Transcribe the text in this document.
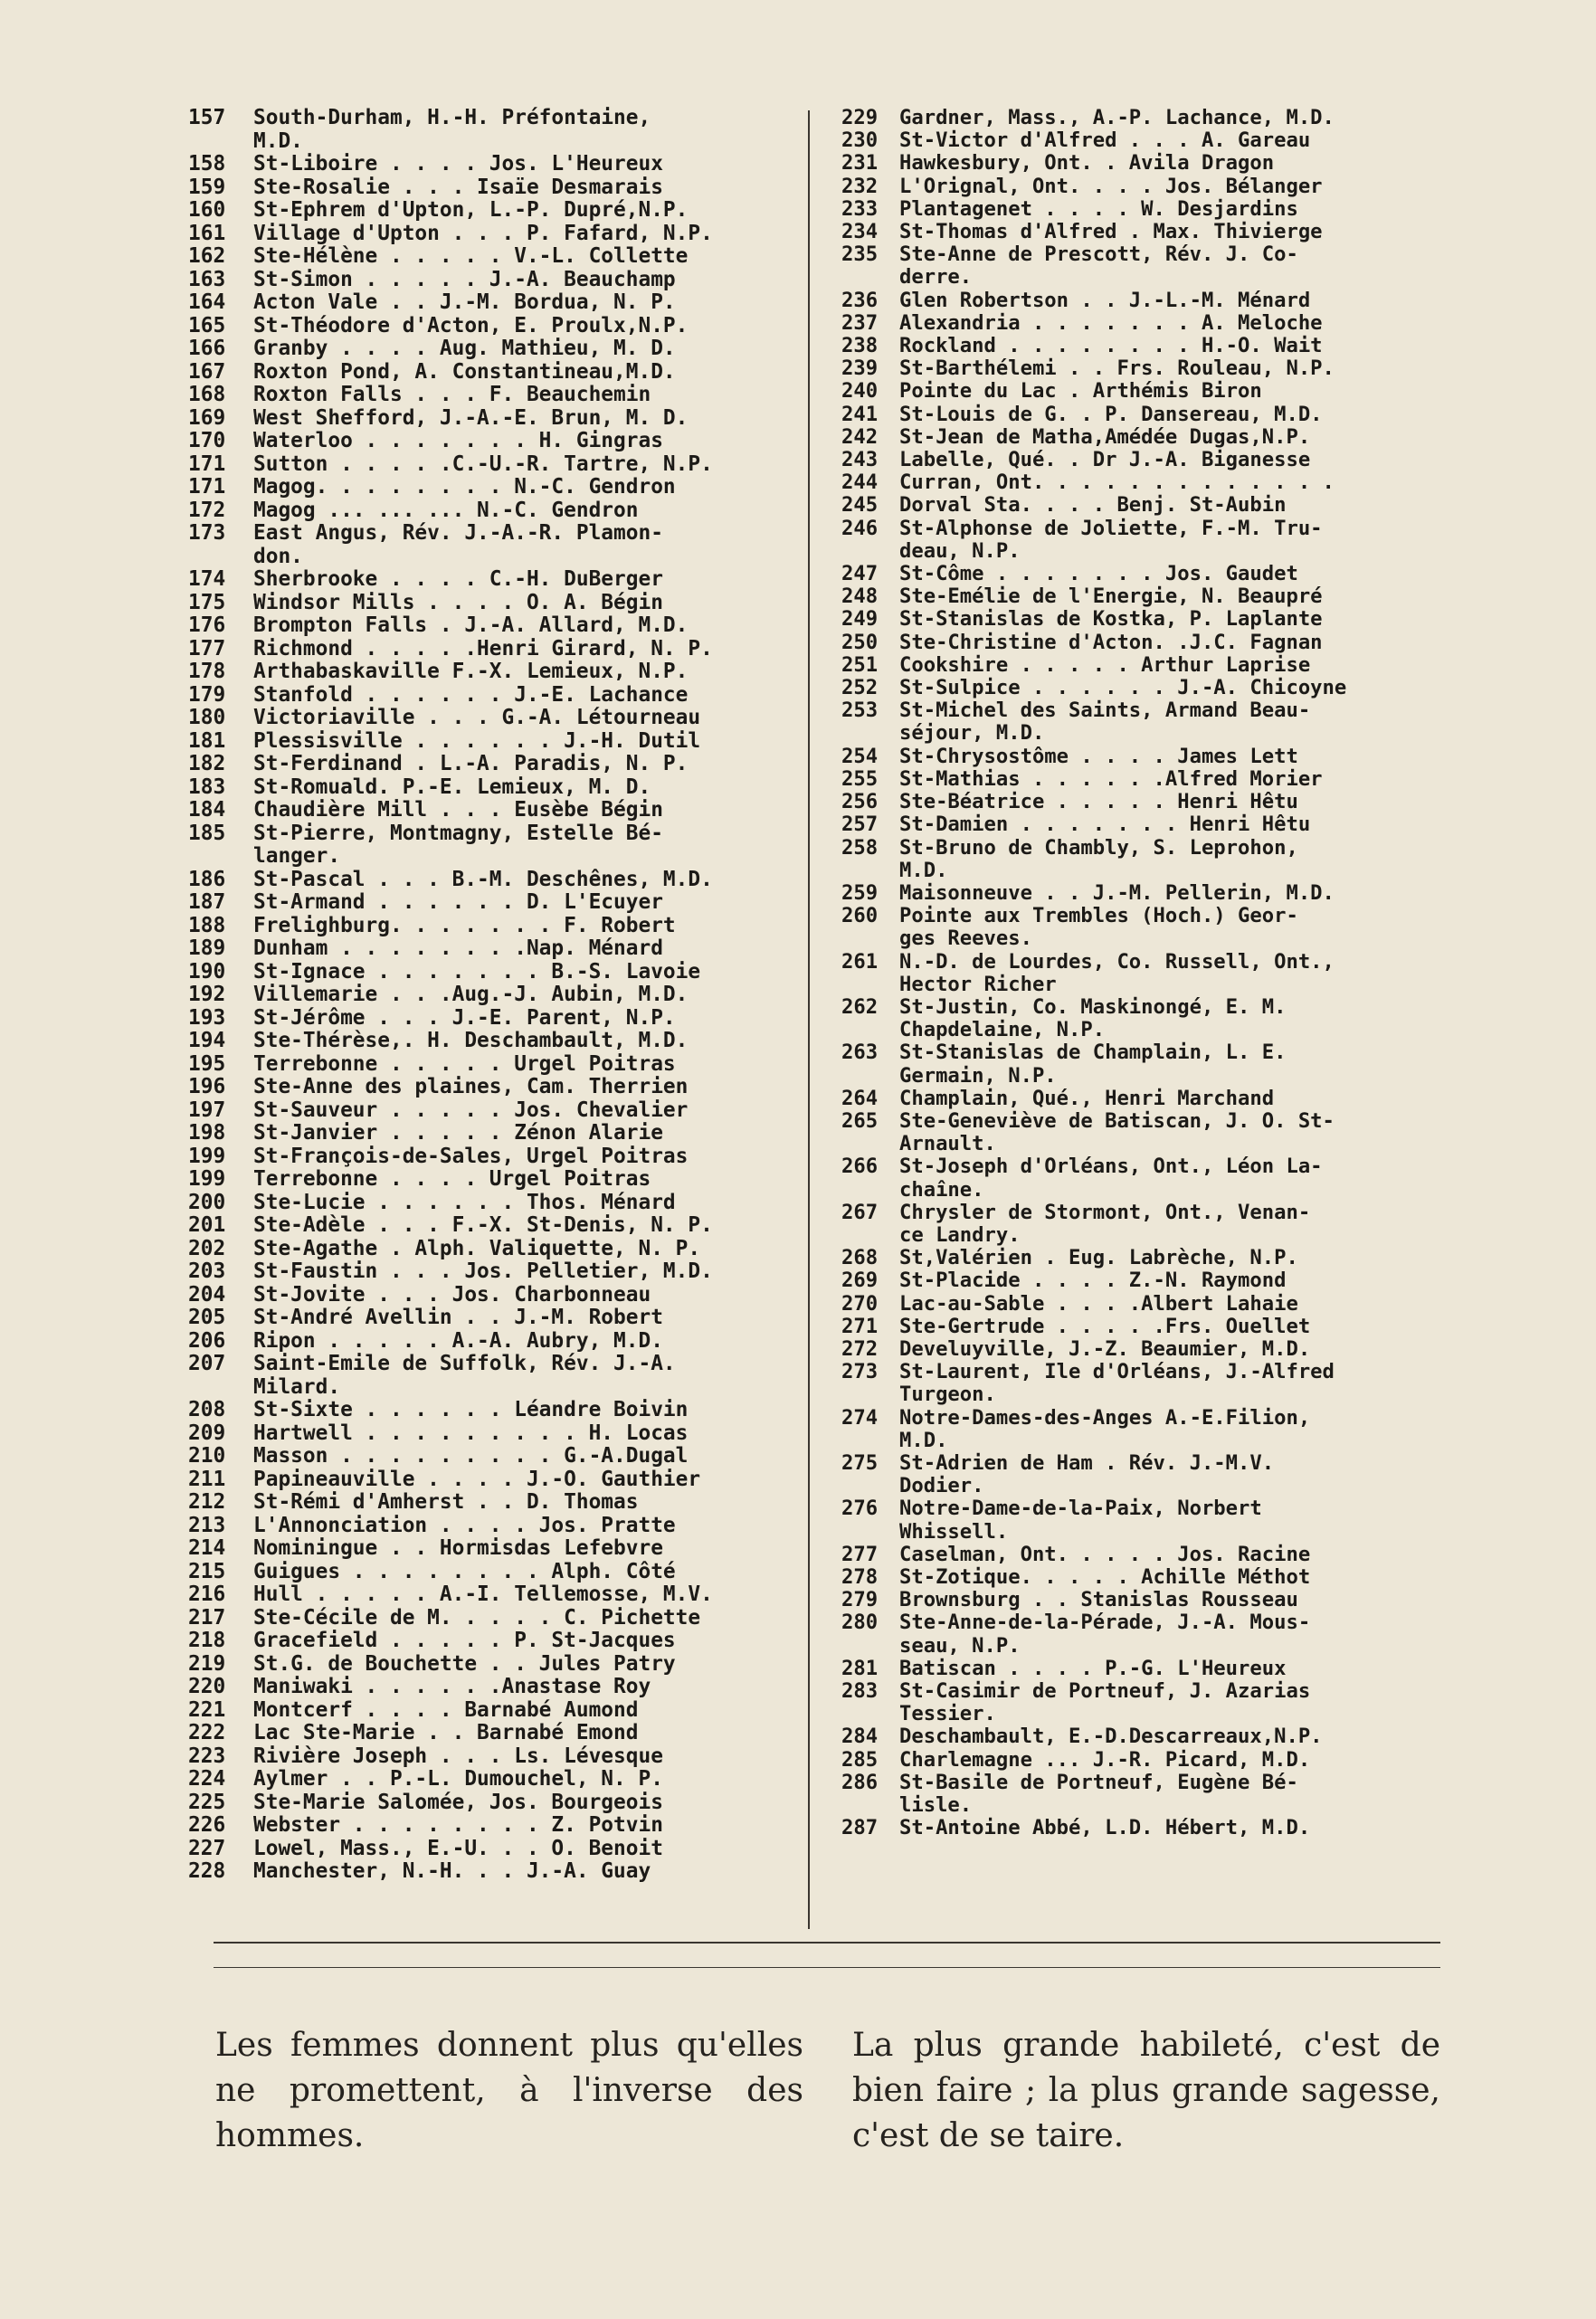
157	South-Durham, H.-H. Préfontaine,
M.D.
158	St-Liboire . . . . Jos. L'Heureux
159	Ste-Rosalie . . . Isaïe Desmarais
160	St-Ephrem d'Upton, L.-P. Dupré,N.P.
161	Village d'Upton . . . P. Fafard, N.P.
162	Ste-Hélène . . . . . V.-L. Collette
163	St-Simon . . . . . J.-A. Beauchamp
164	Acton Vale . . J.-M. Bordua, N. P.
165	St-Théodore d'Acton, E. Proulx,N.P.
166	Granby . . . . Aug. Mathieu, M. D.
167	Roxton Pond, A. Constantineau,M.D.
168	Roxton Falls . . . F. Beauchemin
169	West Shefford, J.-A.-E. Brun, M. D.
170	Waterloo . . . . . . . H. Gingras
171	Sutton . . . . .C.-U.-R. Tartre, N.P.
171	Magog. . . . . . . . N.-C. Gendron
172	Magog ... ... ... N.-C. Gendron
173	East Angus, Rév. J.-A.-R. Plamon-
don.
174	Sherbrooke . . . . C.-H. DuBerger
175	Windsor Mills . . . . O. A. Bégin
176	Brompton Falls . J.-A. Allard, M.D.
177	Richmond . . . . .Henri Girard, N. P.
178	Arthabaskaville F.-X. Lemieux, N.P.
179	Stanfold . . . . . . J.-E. Lachance
180	Victoriaville . . . G.-A. Létourneau
181	Plessisville . . . . . . J.-H. Dutil
182	St-Ferdinand . L.-A. Paradis, N. P.
183	St-Romuald. P.-E. Lemieux, M. D.
184	Chaudière Mill . . . Eusèbe Bégin
185	St-Pierre, Montmagny, Estelle Bé-
langer.
186	St-Pascal . . . B.-M. Deschênes, M.D.
187	St-Armand . . . . . . D. L'Ecuyer
188	Frelighburg. . . . . . . F. Robert
189	Dunham . . . . . . . .Nap. Ménard
190	St-Ignace . . . . . . . B.-S. Lavoie
192	Villemarie . . .Aug.-J. Aubin, M.D.
193	St-Jérôme . . . J.-E. Parent, N.P.
194	Ste-Thérèse,. H. Deschambault, M.D.
195	Terrebonne . . . . . Urgel Poitras
196	Ste-Anne des plaines, Cam. Therrien
197	St-Sauveur . . . . . Jos. Chevalier
198	St-Janvier . . . . . Zénon Alarie
199	St-François-de-Sales, Urgel Poitras
199	Terrebonne . . . . Urgel Poitras
200	Ste-Lucie . . . . . . Thos. Ménard
201	Ste-Adèle . . . F.-X. St-Denis, N. P.
202	Ste-Agathe . Alph. Valiquette, N. P.
203	St-Faustin . . . Jos. Pelletier, M.D.
204	St-Jovite . . . Jos. Charbonneau
205	St-André Avellin . . J.-M. Robert
206	Ripon . . . . . A.-A. Aubry, M.D.
207	Saint-Emile de Suffolk, Rév. J.-A.
Milard.
208	St-Sixte . . . . . . Léandre Boivin
209	Hartwell . . . . . . . . . H. Locas
210	Masson . . . . . . . . . G.-A.Dugal
211	Papineauville . . . . J.-O. Gauthier
212	St-Rémi d'Amherst . . D. Thomas
213	L'Annonciation . . . . Jos. Pratte
214	Nominingue . . Hormisdas Lefebvre
215	Guigues . . . . . . . . Alph. Côté
216	Hull . . . . . A.-I. Tellemosse, M.V.
217	Ste-Cécile de M. . . . . C. Pichette
218	Gracefield . . . . . P. St-Jacques
219	St.G. de Bouchette . . Jules Patry
220	Maniwaki . . . . . .Anastase Roy
221	Montcerf . . . . Barnabé Aumond
222	Lac Ste-Marie . . Barnabé Emond
223	Rivière Joseph . . . Ls. Lévesque
224	Aylmer . . P.-L. Dumouchel, N. P.
225	Ste-Marie Salomée, Jos. Bourgeois
226	Webster . . . . . . . . Z. Potvin
227	Lowel, Mass., E.-U. . . O. Benoit
228	Manchester, N.-H. . . J.-A. Guay
229	Gardner, Mass., A.-P. Lachance, M.D.
230	St-Victor d'Alfred . . . A. Gareau
231	Hawkesbury, Ont. . Avila Dragon
232	L'Orignal, Ont. . . . Jos. Bélanger
233	Plantagenet . . . . W. Desjardins
234	St-Thomas d'Alfred . Max. Thivierge
235	Ste-Anne de Prescott, Rév. J. Co-
derre.
236	Glen Robertson . . J.-L.-M. Ménard
237	Alexandria . . . . . . . A. Meloche
238	Rockland . . . . . . . . H.-O. Wait
239	St-Barthélemi . . Frs. Rouleau, N.P.
240	Pointe du Lac . Arthémis Biron
241	St-Louis de G. . P. Dansereau, M.D.
242	St-Jean de Matha,Amédée Dugas,N.P.
243	Labelle, Qué. . Dr J.-A. Biganesse
244	Curran, Ont. . . . . . . . . . . . .
245	Dorval Sta. . . . Benj. St-Aubin
246	St-Alphonse de Joliette, F.-M. Tru-
deau, N.P.
247	St-Côme . . . . . . . Jos. Gaudet
248	Ste-Emélie de l'Energie, N. Beaupré
249	St-Stanislas de Kostka, P. Laplante
250	Ste-Christine d'Acton. .J.C. Fagnan
251	Cookshire . . . . . Arthur Laprise
252	St-Sulpice . . . . . . J.-A. Chicoyne
253	St-Michel des Saints, Armand Beau-
séjour, M.D.
254	St-Chrysostôme . . . . James Lett
255	St-Mathias . . . . . .Alfred Morier
256	Ste-Béatrice . . . . . Henri Hêtu
257	St-Damien . . . . . . . Henri Hêtu
258	St-Bruno de Chambly, S. Leprohon,
M.D.
259	Maisonneuve . . J.-M. Pellerin, M.D.
260	Pointe aux Trembles (Hoch.) Geor-
ges Reeves.
261	N.-D. de Lourdes, Co. Russell, Ont.,
Hector Richer
262	St-Justin, Co. Maskinongé, E. M.
Chapdelaine, N.P.
263	St-Stanislas de Champlain, L. E.
Germain, N.P.
264	Champlain, Qué., Henri Marchand
265	Ste-Geneviève de Batiscan, J. O. St-
Arnault.
266	St-Joseph d'Orléans, Ont., Léon La-
chaîne.
267	Chrysler de Stormont, Ont., Venan-
ce Landry.
268	St,Valérien . Eug. Labrèche, N.P.
269	St-Placide . . . . Z.-N. Raymond
270	Lac-au-Sable . . . .Albert Lahaie
271	Ste-Gertrude . . . . .Frs. Ouellet
272	Develuyville, J.-Z. Beaumier, M.D.
273	St-Laurent, Ile d'Orléans, J.-Alfred
Turgeon.
274	Notre-Dames-des-Anges A.-E.Filion,
M.D.
275	St-Adrien de Ham . Rév. J.-M.V.
Dodier.
276	Notre-Dame-de-la-Paix, Norbert
Whissell.
277	Caselman, Ont. . . . . Jos. Racine
278	St-Zotique. . . . . Achille Méthot
279	Brownsburg . . Stanislas Rousseau
280	Ste-Anne-de-la-Pérade, J.-A. Mous-
seau, N.P.
281	Batiscan . . . . P.-G. L'Heureux
283	St-Casimir de Portneuf, J. Azarias
Tessier.
284	Deschambault, E.-D.Descarreaux,N.P.
285	Charlemagne ... J.-R. Picard, M.D.
286	St-Basile de Portneuf, Eugène Bé-
lisle.
287	St-Antoine Abbé, L.D. Hébert, M.D.

Les femmes donnent plus qu'elles ne promettent, à l'inverse des hommes.

La plus grande habileté, c'est de bien faire ; la plus grande sagesse, c'est de se taire.
